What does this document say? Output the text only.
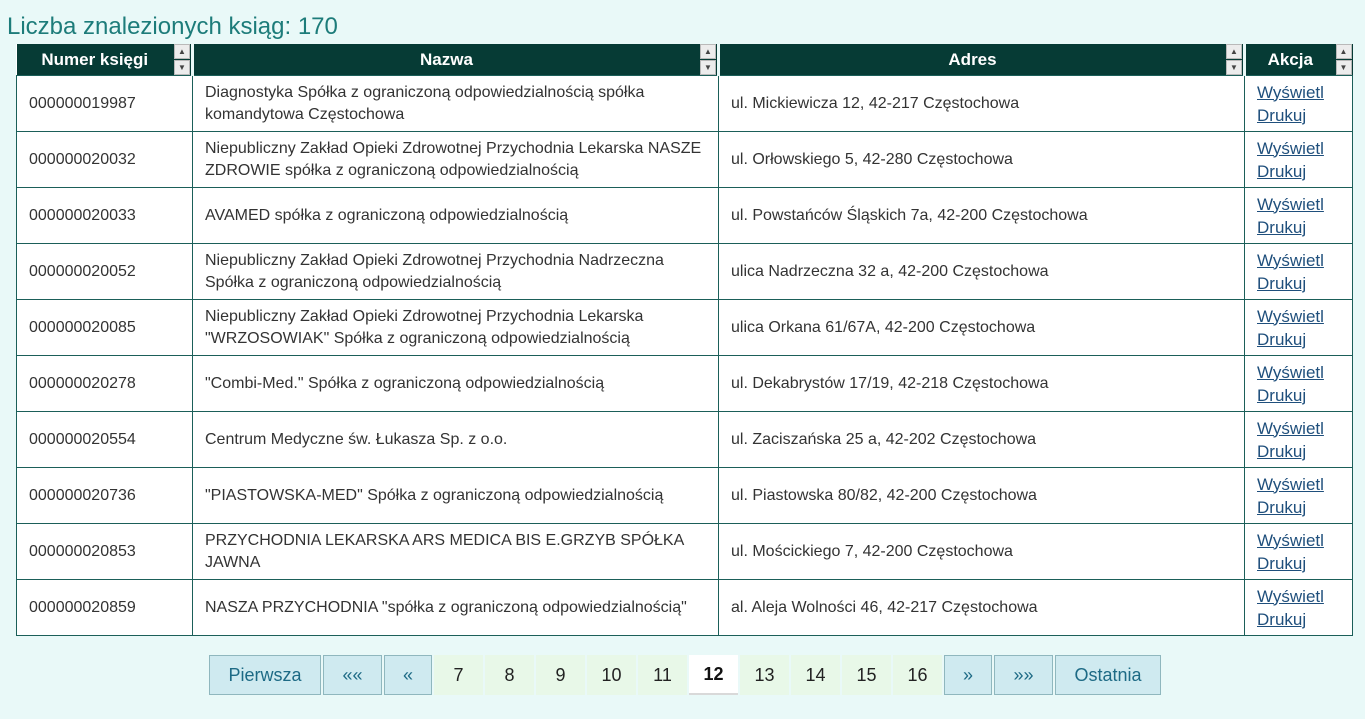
Liczba znalezionych ksiąg: 170
Numer księgi ▲
▼	Nazwa ▲
▼	Adres ▲
▼	Akcja ▲
▼

000000019987	Diagnostyka Spółka z ograniczoną odpowiedzialnością spółka komandytowa Częstochowa	ul. Mickiewicza 12, 42-217 Częstochowa	Wyświetl
Drukuj

000000020032	Niepubliczny Zakład Opieki Zdrowotnej Przychodnia Lekarska NASZE ZDROWIE spółka z ograniczoną odpowiedzialnością	ul. Orłowskiego 5, 42-280 Częstochowa	Wyświetl
Drukuj

000000020033	AVAMED spółka z ograniczoną odpowiedzialnością	ul. Powstańców Śląskich 7a, 42-200 Częstochowa	Wyświetl
Drukuj

000000020052	Niepubliczny Zakład Opieki Zdrowotnej Przychodnia Nadrzeczna Spółka z ograniczoną odpowiedzialnością	ulica Nadrzeczna 32 a, 42-200 Częstochowa	Wyświetl
Drukuj

000000020085	Niepubliczny Zakład Opieki Zdrowotnej Przychodnia Lekarska "WRZOSOWIAK" Spółka z ograniczoną odpowiedzialnością	ulica Orkana 61/67A, 42-200 Częstochowa	Wyświetl
Drukuj

000000020278	"Combi-Med." Spółka z ograniczoną odpowiedzialnością	ul. Dekabrystów 17/19, 42-218 Częstochowa	Wyświetl
Drukuj

000000020554	Centrum Medyczne św. Łukasza Sp. z o.o.	ul. Zaciszańska 25 a, 42-202 Częstochowa	Wyświetl
Drukuj

000000020736	"PIASTOWSKA-MED" Spółka z ograniczoną odpowiedzialnością	ul. Piastowska 80/82, 42-200 Częstochowa	Wyświetl
Drukuj

000000020853	PRZYCHODNIA LEKARSKA ARS MEDICA BIS E.GRZYB SPÓŁKA JAWNA	ul. Mościckiego 7, 42-200 Częstochowa	Wyświetl
Drukuj

000000020859	NASZA PRZYCHODNIA "spółka z ograniczoną odpowiedzialnością"	al. Aleja Wolności 46, 42-217 Częstochowa	Wyświetl
Drukuj
Pierwsza	««	«	7	8	9	10	11	12	13	14	15	16	»	»»	Ostatnia
